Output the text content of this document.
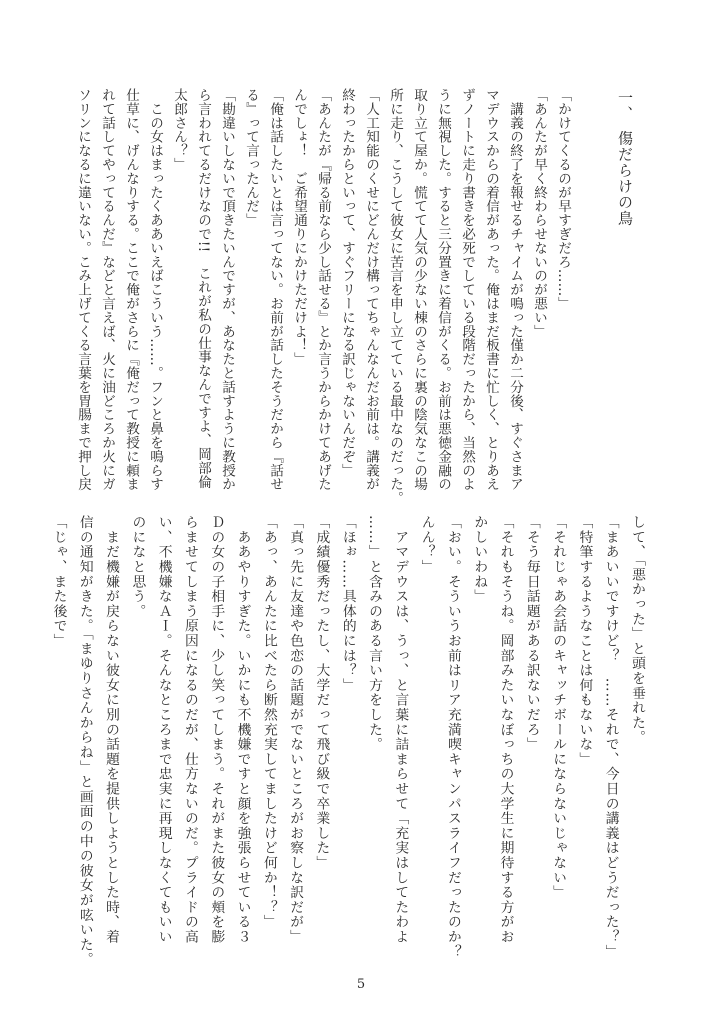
一、　傷だらけの鳥
「かけてくるのが早すぎだろ……」
「あんたが早く終わらせないのが悪い」
　講義の終了を報せるチャイムが鳴った僅か二分後、すぐさまア
マデウスからの着信があった。俺はまだ板書に忙しく、とりあえ
ずノートに走り書きを必死でしている段階だったから、当然のよ
うに無視した。すると三分置きに着信がくる。お前は悪徳金融の
取り立て屋か。慌てて人気の少ない棟のさらに裏の陰気なこの場
所に走り、こうして彼女に苦言を申し立てている最中なのだった。
「人工知能のくせにどんだけ構ってちゃんなんだお前は。講義が
終わったからといって、すぐフリーになる訳じゃないんだぞ」
「あんたが『帰る前なら少し話せる』とか言うからかけてあげた
んでしょ！　ご希望通りにかけただけよ！」
「俺は話したいとは言ってない。お前が話したそうだから『話せ
る』って言ったんだ」
「勘違いしないで頂きたいんですが、あなたと話すように教授か
ら言われてるだけなので!!　これが私の仕事なんですよ、岡部倫
太郎さん？」
　この女はまったくああいえばこういう……。フンと鼻を鳴らす
仕草に、げんなりする。ここで俺がさらに『俺だって教授に頼ま
れて話してやってるんだ』などと言えば、火に油どころか火にガ
ソリンになるに違いない。こみ上げてくる言葉を胃腸まで押し戻
して、「悪かった」と頭を垂れた。
「まあいいですけど？　……それで、今日の講義はどうだった？」
「特筆するようなことは何もないな」
「それじゃあ会話のキャッチボールにならないじゃない」
「そう毎日話題がある訳ないだろ」
「それもそうね。岡部みたいなぼっちの大学生に期待する方がお
かしいわね」
「おい。そういうお前はリア充満喫キャンパスライフだったのか？
んん？」
　アマデウスは、うっ、と言葉に詰まらせて「充実はしてたわよ
……」と含みのある言い方をした。
「ほぉ……具体的には？」
「成績優秀だったし、大学だって飛び級で卒業した」
「真っ先に友達や色恋の話題がでないところがお察しな訳だが」
「あっ、あんたに比べたら断然充実してましたけど何か！？」
　ああやりすぎた。いかにも不機嫌ですと顔を強張らせている３
Ｄの女の子相手に、少し笑ってしまう。それがまた彼女の頬を膨
らませてしまう原因になるのだが、仕方ないのだ。プライドの高
い、不機嫌なＡＩ。そんなところまで忠実に再現しなくてもいい
のになと思う。
　まだ機嫌が戻らない彼女に別の話題を提供しようとした時、着
信の通知がきた。「まゆりさんからね」と画面の中の彼女が呟いた。
「じゃ、また後で」
5
